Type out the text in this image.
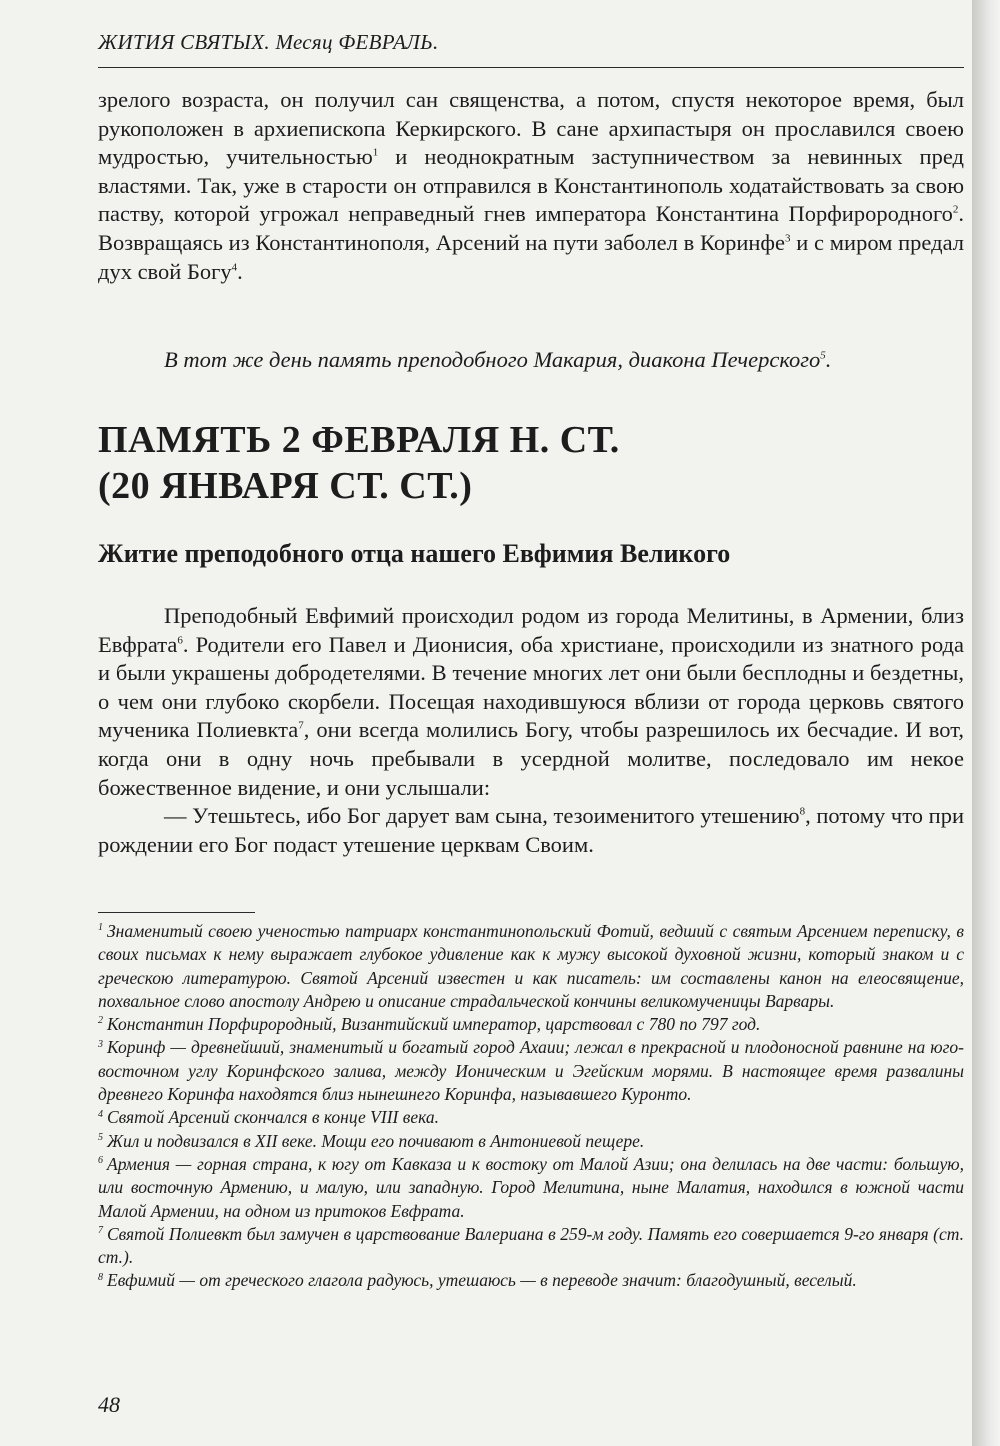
ЖИТИЯ СВЯТЫХ. Месяц ФЕВРАЛЬ.

зрелого возраста, он получил сан священства, а потом, спустя некоторое время, был рукоположен в архиепископа Керкирского. В сане архипастыря он прославился своею мудростью, учительностью$^1$ и неоднократным заступничеством за невинных пред властями. Так, уже в старости он отправился в Константинополь ходатайствовать за свою паству, которой угрожал неправедный гнев императора Константина Порфирородного$^2$. Возвращаясь из Константинополя, Арсений на пути заболел в Коринфе$^3$ и с миром предал дух свой Богу$^4$.

В тот же день память преподобного Макария, диакона Печерского$^5$.
ПАМЯТЬ 2 ФЕВРАЛЯ Н. СТ.
(20 ЯНВАРЯ СТ. СТ.)
Житие преподобного отца нашего Евфимия Великого

Преподобный Евфимий происходил родом из города Мелитины, в Армении, близ Евфрата$^6$. Родители его Павел и Дионисия, оба христиане, происходили из знатного рода и были украшены добродетелями. В течение многих лет они были бесплодны и бездетны, о чем они глубоко скорбели. Посещая находившуюся вблизи от города церковь святого мученика Полиевкта$^7$, они всегда молились Богу, чтобы разрешилось их бесчадие. И вот, когда они в одну ночь пребывали в усердной молитве, последовало им некое божественное видение, и они услышали:

— Утешьтесь, ибо Бог дарует вам сына, тезоименитого утешению$^8$, потому что при рождении его Бог подаст утешение церквам Своим.

$^1$ Знаменитый своею ученостью патриарх константинопольский Фотий, ведший с святым Арсением переписку, в своих письмах к нему выражает глубокое удивление как к мужу высокой духовной жизни, который знаком и с греческою литературою. Святой Арсений известен и как писатель: им составлены канон на елеосвящение, похвальное слово апостолу Андрею и описание страдальческой кончины великомученицы Варвары.

$^2$ Константин Порфирородный, Византийский император, царствовал с 780 по 797 год.

$^3$ Коринф — древнейший, знаменитый и богатый город Ахаии; лежал в прекрасной и плодоносной равнине на юго-восточном углу Коринфского залива, между Ионическим и Эгейским морями. В настоящее время развалины древнего Коринфа находятся близ нынешнего Коринфа, называвшего Куронто.

$^4$ Святой Арсений скончался в конце VIII века.

$^5$ Жил и подвизался в XII веке. Мощи его почивают в Антониевой пещере.

$^6$ Армения — горная страна, к югу от Кавказа и к востоку от Малой Азии; она делилась на две части: большую, или восточную Армению, и малую, или западную. Город Мелитина, ныне Малатия, находился в южной части Малой Армении, на одном из притоков Евфрата.

$^7$ Святой Полиевкт был замучен в царствование Валериана в 259-м году. Память его совершается 9-го января (ст. ст.).

$^8$ Евфимий — от греческого глагола радуюсь, утешаюсь — в переводе значит: благодушный, веселый.

48
